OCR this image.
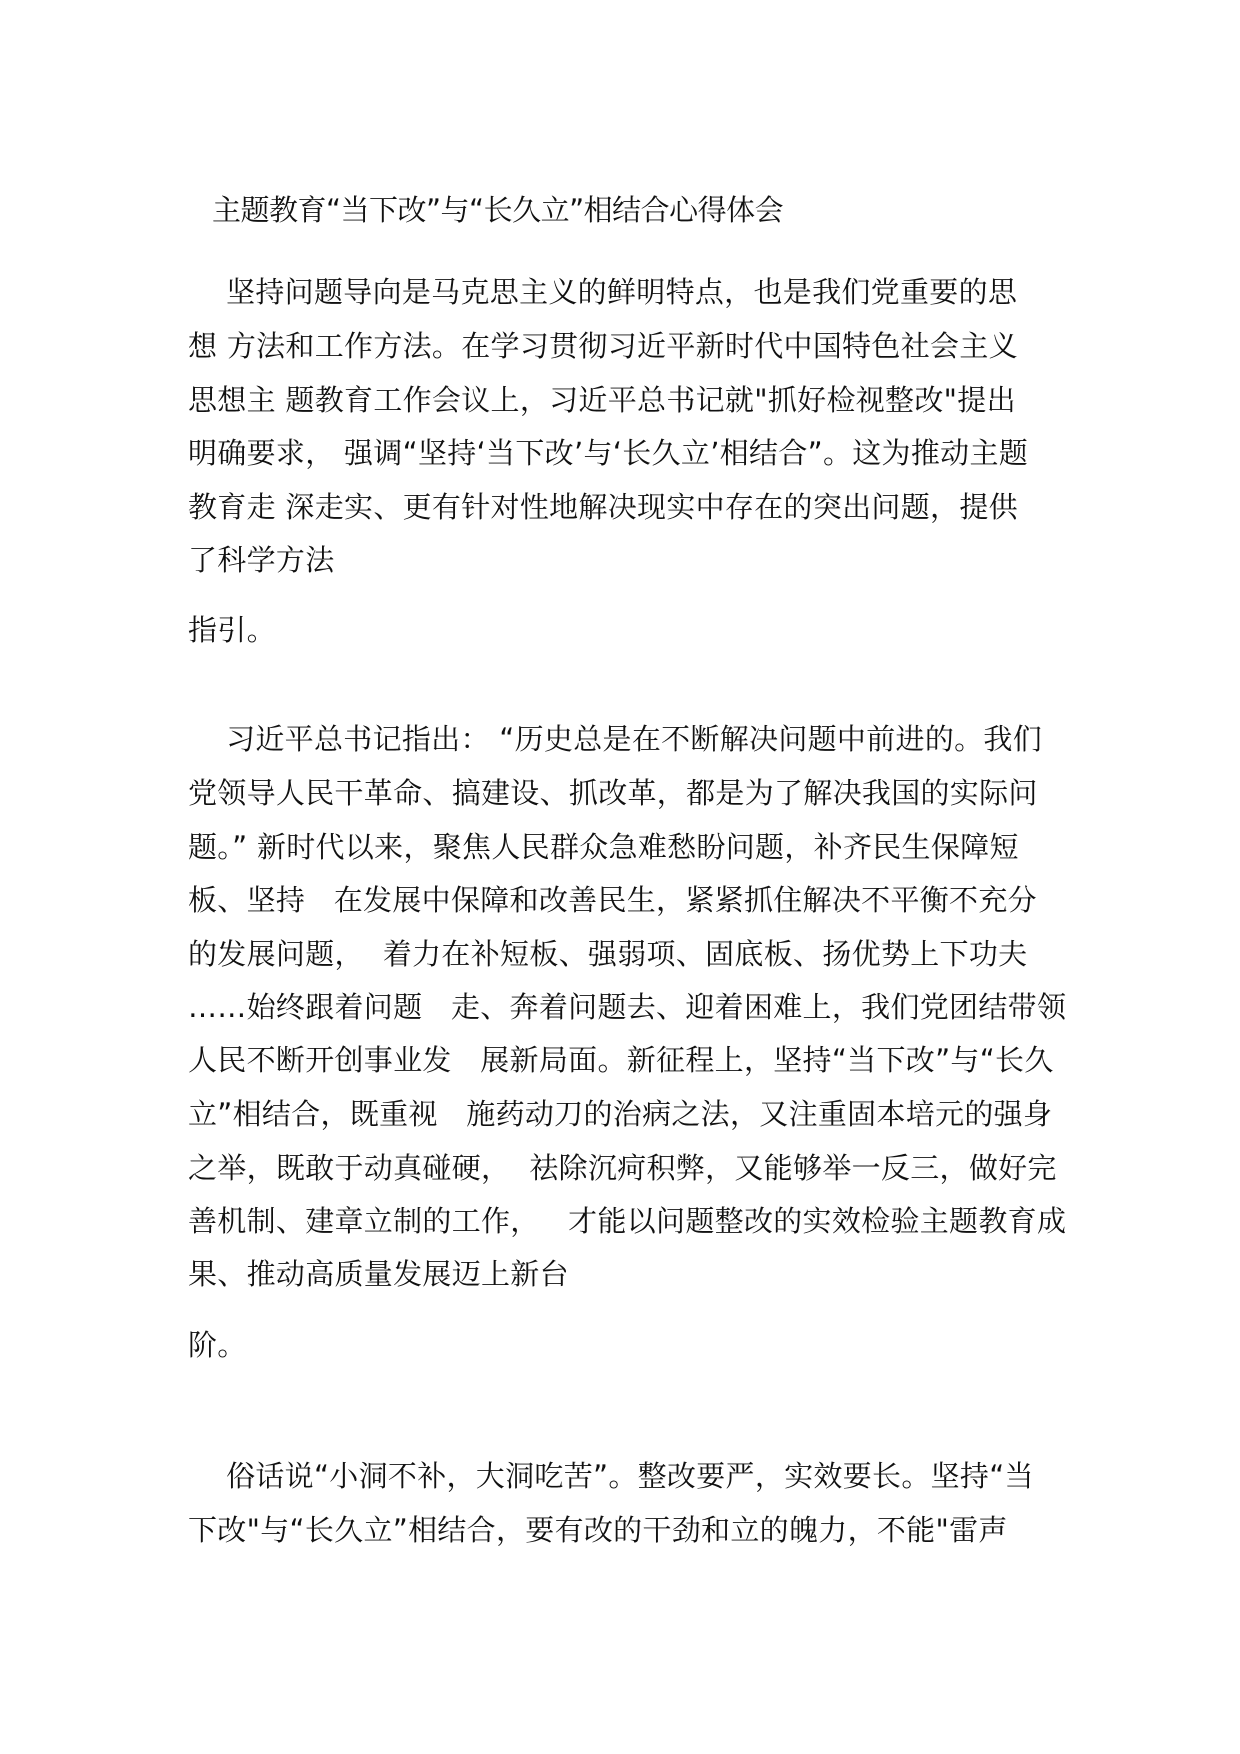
主题教育“当下改”与“长久立”相结合心得体会
坚持问题导向是马克思主义的鲜明特点，也是我们党重要的思
想 方法和工作方法。在学习贯彻习近平新时代中国特色社会主义
思想主 题教育工作会议上，习近平总书记就"抓好检视整改"提出
明确要求， 强调“坚持‘当下改’与‘长久立’相结合”。这为推动主题
教育走 深走实、更有针对性地解决现实中存在的突出问题，提供
了科学方法
指引。
习近平总书记指出： “历史总是在不断解决问题中前进的。我们
党领导人民干革命、搞建设、抓改革，都是为了解决我国的实际问
题。” 新时代以来，聚焦人民群众急难愁盼问题，补齐民生保障短
板、坚持   在发展中保障和改善民生，紧紧抓住解决不平衡不充分
的发展问题，  着力在补短板、强弱项、固底板、扬优势上下功夫
……始终跟着问题   走、奔着问题去、迎着困难上，我们党团结带领
人民不断开创事业发   展新局面。新征程上，坚持“当下改”与“长久
立”相结合，既重视   施药动刀的治病之法，又注重固本培元的强身
之举，既敢于动真碰硬，  祛除沉疴积弊，又能够举一反三，做好完
善机制、建章立制的工作，   才能以问题整改的实效检验主题教育成
果、推动高质量发展迈上新台
阶。
俗话说“小洞不补，大洞吃苦”。整改要严，实效要长。坚持“当
下改"与“长久立”相结合，要有改的干劲和立的魄力，不能"雷声
